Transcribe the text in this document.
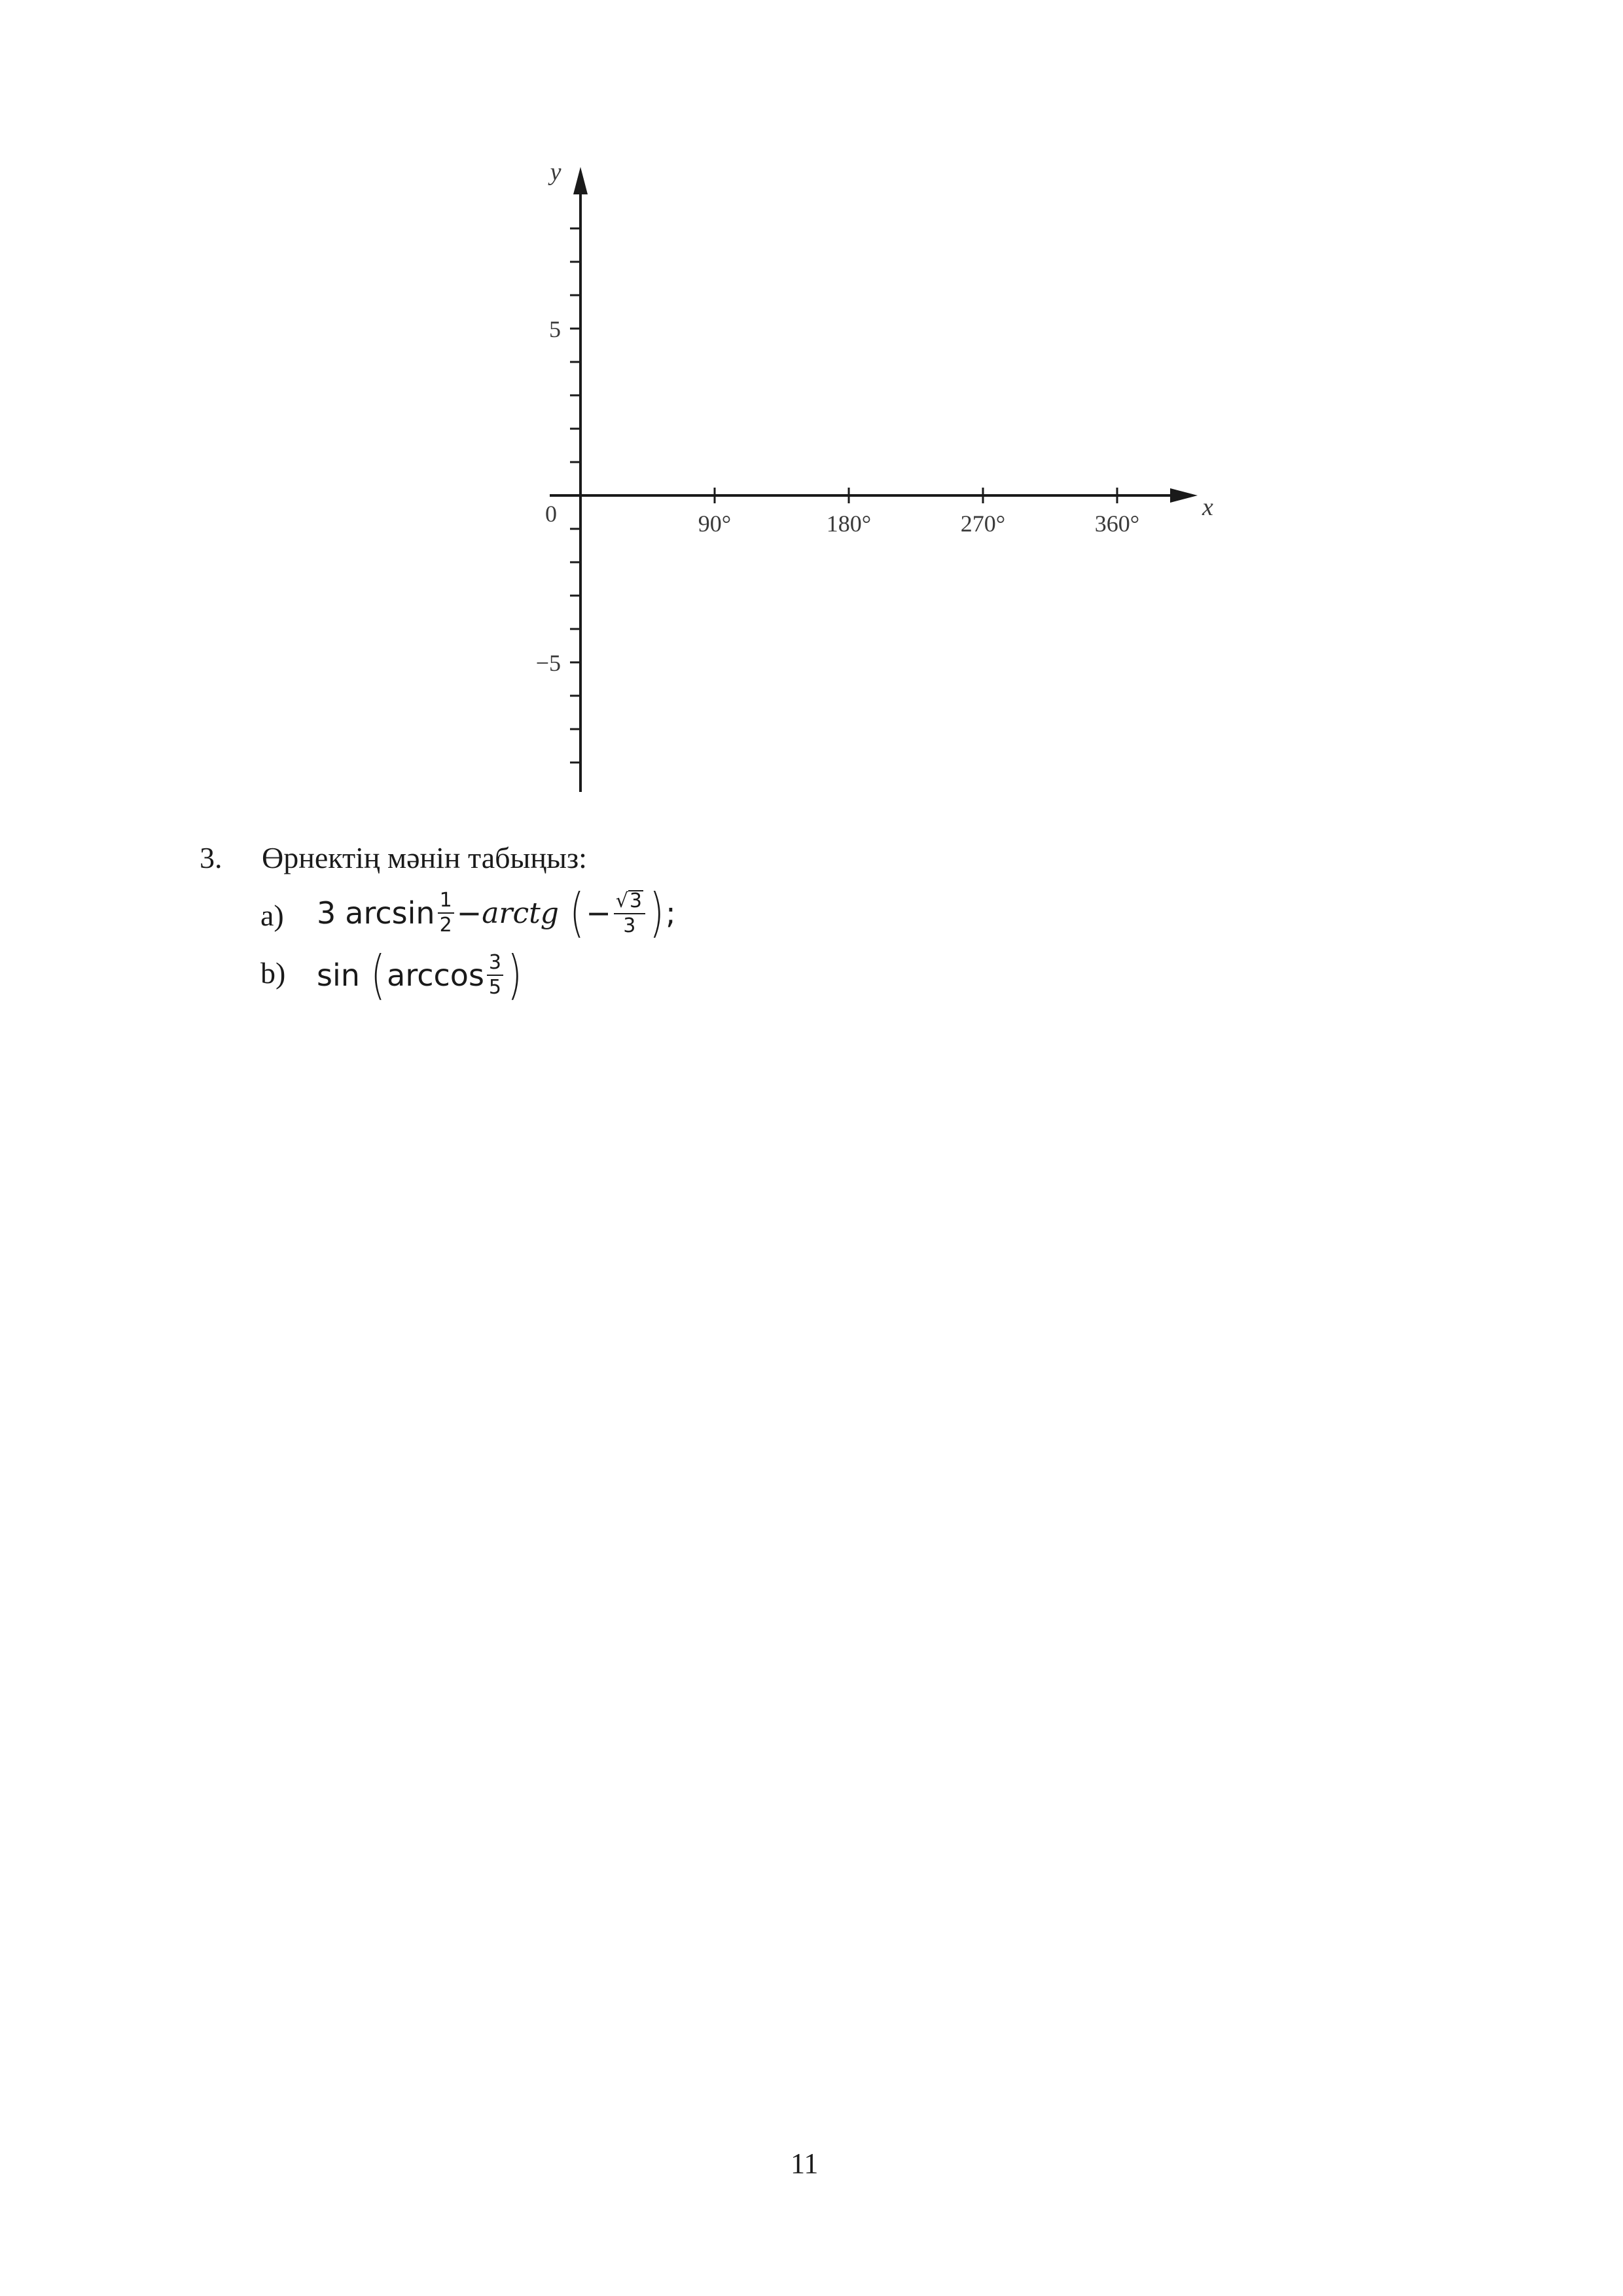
90°	180°	270°	360°
5
−5
0	x
y
3. Өрнектің мәнін табыңыз:
a) 3 $\arcsin \frac{1}{2}$ − arctg ( − $\frac{√ 3}{3}$ ) ;
b) sin ( $\arccos \frac{3}{5}$ )
11
